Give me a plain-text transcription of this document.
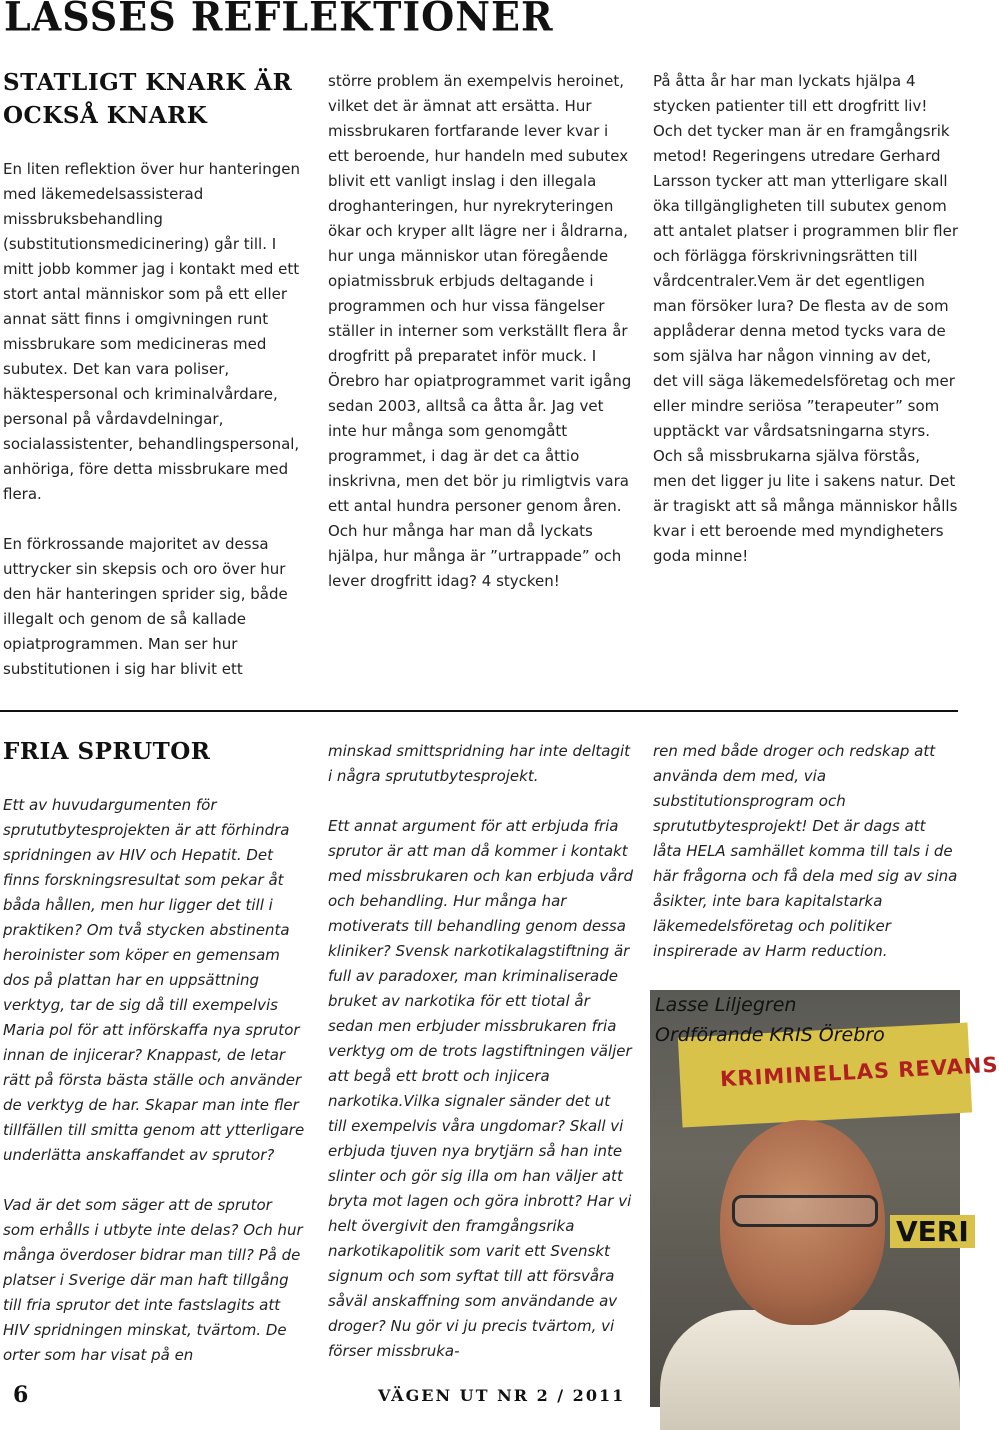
LASSES REFLEKTIONER
STATLIGT KNARK ÄR
OCKSÅ KNARK

En liten reflektion över hur hanteringen med läkemedelsassisterad missbruksbehandling (substitutionsmedicinering) går till. I mitt jobb kommer jag i kontakt med ett stort antal människor som på ett eller annat sätt finns i omgivningen runt missbrukare som medicineras med subutex. Det kan vara poliser, häktespersonal och kriminalvårdare, personal på vårdavdelningar, socialassistenter, behandlingspersonal, anhöriga, före detta missbrukare med flera.

En förkrossande majoritet av dessa uttrycker sin skepsis och oro över hur den här hanteringen sprider sig, både illegalt och genom de så kallade opiatprogrammen. Man ser hur substitutionen i sig har blivit ett

större problem än exempelvis heroinet, vilket det är ämnat att ersätta. Hur missbrukaren fortfarande lever kvar i ett beroende, hur handeln med subutex blivit ett vanligt inslag i den illegala droghanteringen, hur nyrekryteringen ökar och kryper allt lägre ner i åldrarna, hur unga människor utan föregående opiatmissbruk erbjuds deltagande i programmen och hur vissa fängelser ställer in interner som verkställt flera år drogfritt på preparatet inför muck. I Örebro har opiatprogrammet varit igång sedan 2003, alltså ca åtta år. Jag vet inte hur många som genomgått programmet, i dag är det ca åttio inskrivna, men det bör ju rimligtvis vara ett antal hundra personer genom åren. Och hur många har man då lyckats hjälpa, hur många är ”urtrappade” och lever drogfritt idag? 4 stycken!

På åtta år har man lyckats hjälpa 4 stycken patienter till ett drogfritt liv! Och det tycker man är en framgångsrik metod! Regeringens utredare Gerhard Larsson tycker att man ytterligare skall öka tillgängligheten till subutex genom att antalet platser i programmen blir fler och förlägga förskrivningsrätten till vårdcentraler.Vem är det egentligen man försöker lura? De flesta av de som applåderar denna metod tycks vara de som själva har någon vinning av det, det vill säga läkemedelsföretag och mer eller mindre seriösa ”terapeuter” som upptäckt var vårdsatsningarna styrs. Och så missbrukarna själva förstås, men det ligger ju lite i sakens natur. Det är tragiskt att så många människor hålls kvar i ett beroende med myndigheters goda minne!

FRIA SPRUTOR

Ett av huvudargumenten för sprututbytesprojekten är att förhindra spridningen av HIV och Hepatit. Det finns forskningsresultat som pekar åt båda hållen, men hur ligger det till i praktiken? Om två stycken abstinenta heroinister som köper en gemensam dos på plattan har en uppsättning verktyg, tar de sig då till exempelvis Maria pol för att införskaffa nya sprutor innan de injicerar? Knappast, de letar rätt på första bästa ställe och använder de verktyg de har. Skapar man inte fler tillfällen till smitta genom att ytterligare underlätta anskaffandet av sprutor?

Vad är det som säger att de sprutor som erhålls i utbyte inte delas? Och hur många överdoser bidrar man till? På de platser i Sverige där man haft tillgång till fria sprutor det inte fastslagits att HIV spridningen minskat, tvärtom. De orter som har visat på en

minskad smittspridning har inte deltagit i några sprututbytesprojekt.

Ett annat argument för att erbjuda fria sprutor är att man då kommer i kontakt med missbrukaren och kan erbjuda vård och behandling. Hur många har motiverats till behandling genom dessa kliniker? Svensk narkotikalagstiftning är full av paradoxer, man kriminaliserade bruket av narkotika för ett tiotal år sedan men erbjuder missbrukaren fria verktyg om de trots lagstiftningen väljer att begå ett brott och injicera narkotika.Vilka signaler sänder det ut till exempelvis våra ungdomar? Skall vi erbjuda tjuven nya brytjärn så han inte slinter och gör sig illa om han väljer att bryta mot lagen och göra inbrott? Har vi helt övergivit den framgångsrika narkotikapolitik som varit ett Svenskt signum och som syftat till att försvåra såväl anskaffning som användande av droger? Nu gör vi ju precis tvärtom, vi förser missbruka-

ren med både droger och redskap att använda dem med, via substitutionsprogram och sprututbytesprojekt! Det är dags att låta HELA samhället komma till tals i de här frågorna och få dela med sig av sina åsikter, inte bara kapitalstarka läkemedelsföretag och politiker inspirerade av Harm reduction.

KRIMINELLAS REVANS
VERI
Lasse Liljegren
Ordförande KRIS Örebro
6	VÄGEN UT NR 2 / 2011
